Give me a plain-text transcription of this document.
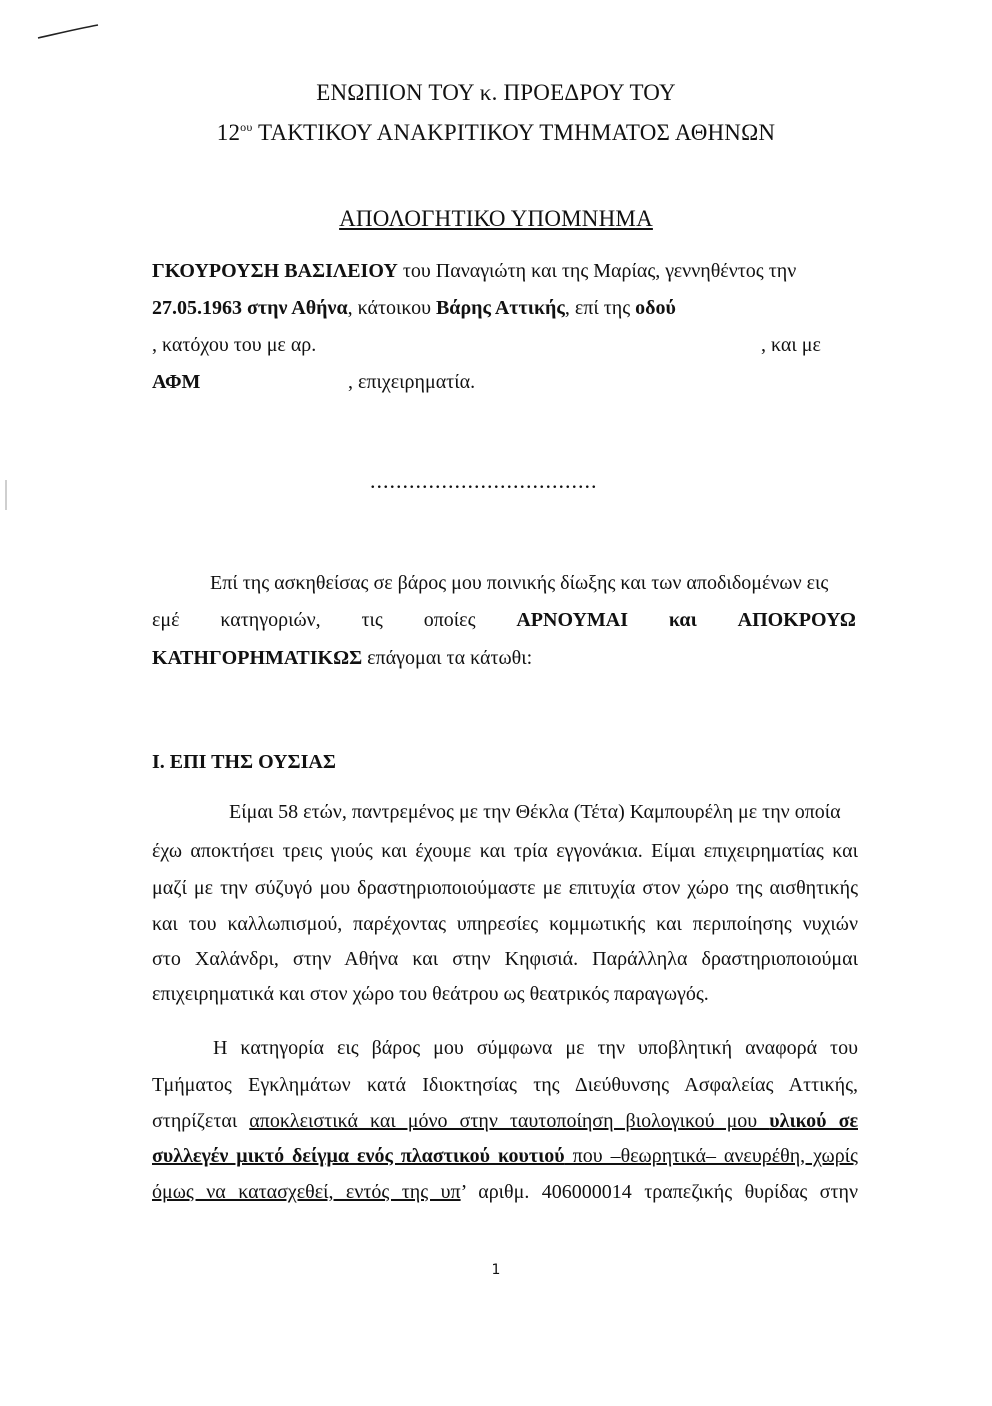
ΕΝΩΠΙΟΝ ΤΟΥ κ. ΠΡΟΕΔΡΟΥ ΤΟΥ
$12^{o\upsilon}$ ΤΑΚΤΙΚΟΥ ΑΝΑΚΡΙΤΙΚΟΥ ΤΜΗΜΑΤΟΣ ΑΘΗΝΩΝ
ΑΠΟΛΟΓΗΤΙΚΟ ΥΠΟΜΝΗΜΑ
ΓΚΟΥΡΟΥΣΗ ΒΑΣΙΛΕΙΟΥ του Παναγιώτη και της Μαρίας, γεννηθέντος την
27.05.1963 στην Αθήνα, κάτοικου Βάρης Αττικής, επί της οδού
, κατόχου του με αρ.	, και με
ΑΦΜ	, επιχειρηματία.
...................................
Επί της ασκηθείσας σε βάρος μου ποινικής δίωξης και των αποδιδομένων εις
εμέ κατηγοριών, τις οποίες ΑΡΝΟΥΜΑΙ και ΑΠΟΚΡΟΥΩ
ΚΑΤΗΓΟΡΗΜΑΤΙΚΩΣ επάγομαι τα κάτωθι:
Ι. ΕΠΙ ΤΗΣ ΟΥΣΙΑΣ
Είμαι 58 ετών, παντρεμένος με την Θέκλα (Τέτα) Καμπουρέλη με την οποία
έχω αποκτήσει τρεις γιούς και έχουμε και τρία εγγονάκια. Είμαι επιχειρηματίας και
μαζί με την σύζυγό μου δραστηριοποιούμαστε με επιτυχία στον χώρο της αισθητικής
και του καλλωπισμού, παρέχοντας υπηρεσίες κομμωτικής και περιποίησης νυχιών
στο Χαλάνδρι, στην Αθήνα και στην Κηφισιά. Παράλληλα δραστηριοποιούμαι
επιχειρηματικά και στον χώρο του θεάτρου ως θεατρικός παραγωγός.
Η κατηγορία εις βάρος μου σύμφωνα με την υποβλητική αναφορά του
Τμήματος Εγκλημάτων κατά Ιδιοκτησίας της Διεύθυνσης Ασφαλείας Αττικής,
στηρίζεται αποκλειστικά και μόνο στην ταυτοποίηση βιολογικού μου υλικού σε
συλλεγέν μικτό δείγμα ενός πλαστικού κουτιού που –θεωρητικά– ανευρέθη, χωρίς
όμως να κατασχεθεί, εντός της υπ’ αριθμ. 406000014 τραπεζικής θυρίδας στην
1
